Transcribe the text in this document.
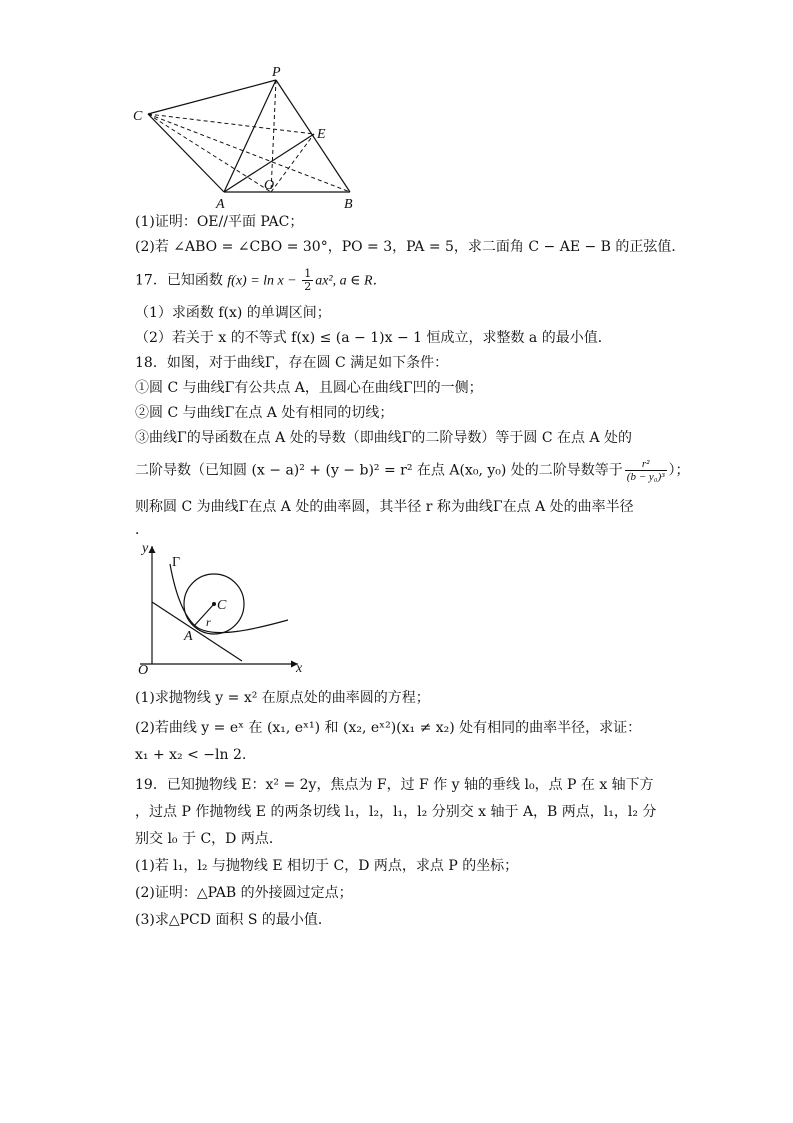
P
C
E
O
A	B
(1)证明：OE//平面 PAC；
(2)若 ∠ABO = ∠CBO = 30°，PO = 3，PA = 5，求二面角 C − AE − B 的正弦值．
17．已知函数 $f(x) = \ln x - \frac{1}{2} ax^2$, a ∈ R．
（1）求函数 f(x) 的单调区间；
（2）若关于 x 的不等式 f(x) ≤ (a − 1)x − 1 恒成立，求整数 a 的最小值．
18．如图，对于曲线Γ，存在圆 C 满足如下条件：
①圆 C 与曲线Γ有公共点 A，且圆心在曲线Γ凹的一侧；
②圆 C 与曲线Γ在点 A 处有相同的切线；
③曲线Γ的导函数在点 A 处的导数（即曲线Γ的二阶导数）等于圆 C 在点 A 处的
二阶导数（已知圆 (x − a)² + (y − b)² = r² 在点 A(x₀, y₀) 处的二阶导数等于 $\frac{\text{r²}}{\text{(b − y₀)³}}$ ）；
则称圆 C 为曲线Γ在点 A 处的曲率圆，其半径 r 称为曲线Γ在点 A 处的曲率半径
．
y
x
O
Γ
C
r
A
(1)求抛物线 y = x² 在原点处的曲率圆的方程；
(2)若曲线 y = eˣ 在 (x₁, eˣ¹) 和 (x₂, eˣ²)(x₁ ≠ x₂) 处有相同的曲率半径，求证：
x₁ + x₂ < −ln 2.
19．已知抛物线 E：x² = 2y，焦点为 F，过 F 作 y 轴的垂线 l₀，点 P 在 x 轴下方
，过点 P 作抛物线 E 的两条切线 l₁，l₂，l₁，l₂ 分别交 x 轴于 A，B 两点，l₁，l₂ 分
别交 l₀ 于 C，D 两点．
(1)若 l₁，l₂ 与抛物线 E 相切于 C，D 两点，求点 P 的坐标；
(2)证明：△PAB 的外接圆过定点；
(3)求△PCD 面积 S 的最小值．
